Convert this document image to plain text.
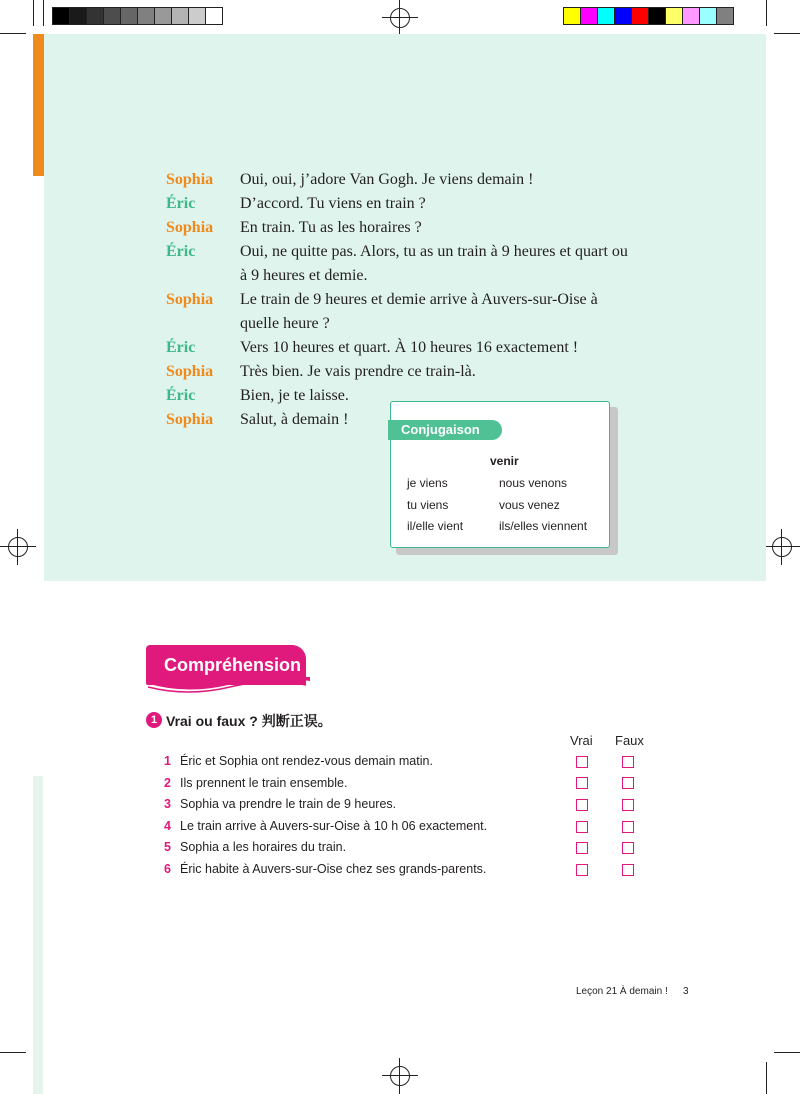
Sophia	Oui, oui, j’adore Van Gogh. Je viens demain !
Éric	D’accord. Tu viens en train ?
Sophia	En train. Tu as les horaires ?
Éric	Oui, ne quitte pas. Alors, tu as un train à 9 heures et quart ou à 9 heures et demie.
Sophia	Le train de 9 heures et demie arrive à Auvers-sur-Oise à quelle heure ?
Éric	Vers 10 heures et quart. À 10 heures 16 exactement !
Sophia	Très bien. Je vais prendre ce train-là.
Éric	Bien, je te laisse.
Sophia	Salut, à demain !
Conjugaison
venir
je viens	nous venons
tu viens	vous venez
il/elle vient	ils/elles viennent
Compréhension
1 Vrai ou faux ? 判断正误。
Vrai Faux
1 Éric et Sophia ont rendez-vous demain matin.
2 Ils prennent le train ensemble.
3 Sophia va prendre le train de 9 heures.
4 Le train arrive à Auvers-sur-Oise à 10 h 06 exactement.
5 Sophia a les horaires du train.
6 Éric habite à Auvers-sur-Oise chez ses grands-parents.
Leçon 21 À demain ! 3
